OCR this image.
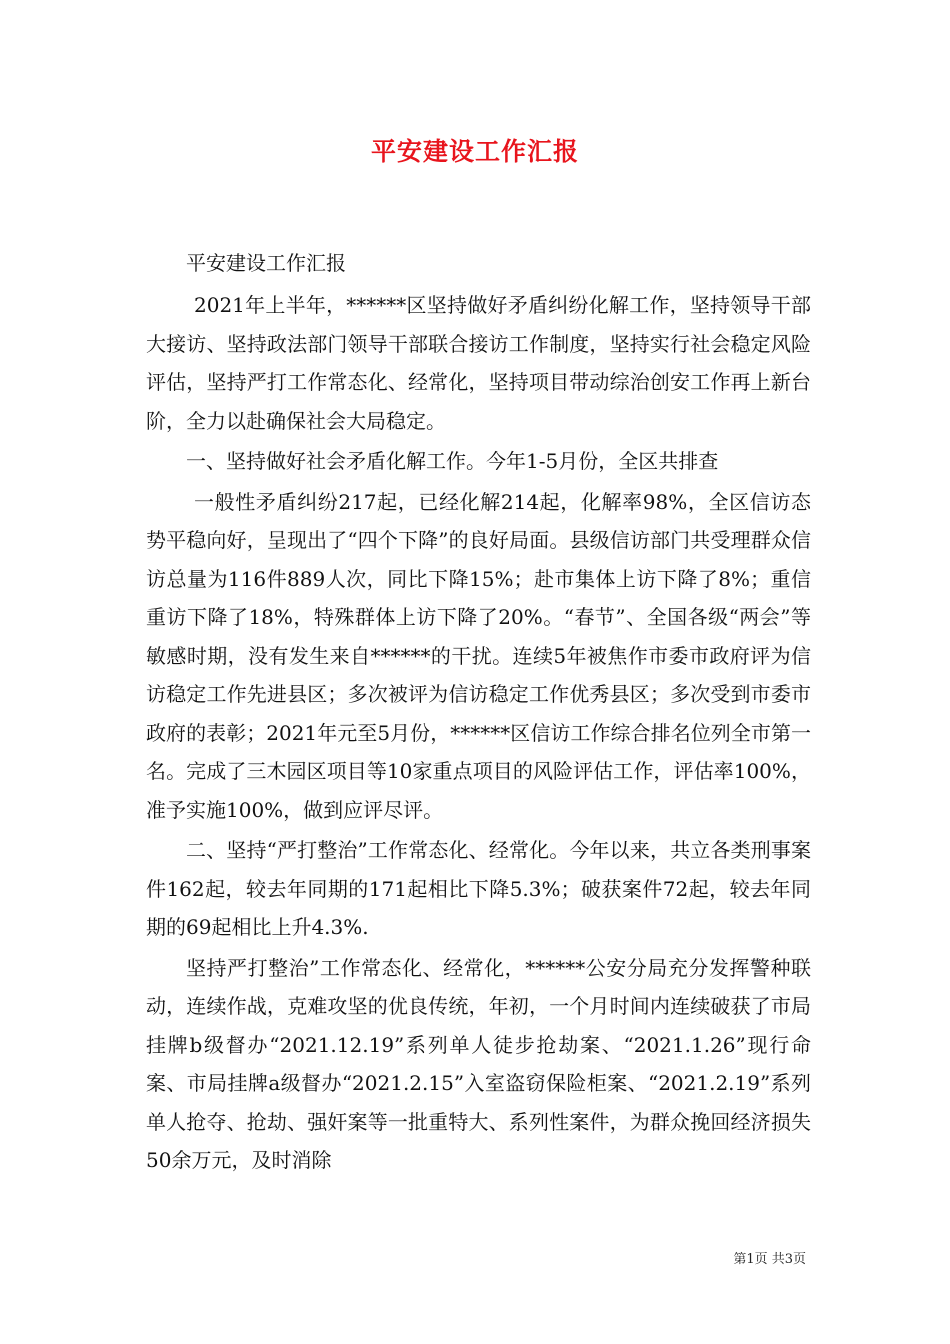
平安建设工作汇报

平安建设工作汇报

2021年上半年，******区坚持做好矛盾纠纷化解工作，坚持领导干部大接访、坚持政法部门领导干部联合接访工作制度，坚持实行社会稳定风险评估，坚持严打工作常态化、经常化，坚持项目带动综治创安工作再上新台阶，全力以赴确保社会大局稳定。

一、坚持做好社会矛盾化解工作。今年1-5月份，全区共排查

一般性矛盾纠纷217起，已经化解214起，化解率98%，全区信访态势平稳向好，呈现出了“四个下降”的良好局面。县级信访部门共受理群众信访总量为116件889人次，同比下降15%；赴市集体上访下降了8%；重信重访下降了18%，特殊群体上访下降了20%。“春节”、全国各级“两会”等敏感时期，没有发生来自******的干扰。连续5年被焦作市委市政府评为信访稳定工作先进县区；多次被评为信访稳定工作优秀县区；多次受到市委市政府的表彰；2021年元至5月份，******区信访工作综合排名位列全市第一名。完成了三木园区项目等10家重点项目的风险评估工作，评估率100%，准予实施100%，做到应评尽评。

二、坚持“严打整治”工作常态化、经常化。今年以来，共立各类刑事案件162起，较去年同期的171起相比下降5.3%；破获案件72起，较去年同期的69起相比上升4.3%.

坚持严打整治”工作常态化、经常化，******公安分局充分发挥警种联动，连续作战，克难攻坚的优良传统，年初，一个月时间内连续破获了市局挂牌b级督办“2021.12.19”系列单人徒步抢劫案、“2021.1.26”现行命案、市局挂牌a级督办“2021.2.15”入室盗窃保险柜案、“2021.2.19”系列单人抢夺、抢劫、强奸案等一批重特大、系列性案件，为群众挽回经济损失50余万元，及时消除

第1页 共3页
